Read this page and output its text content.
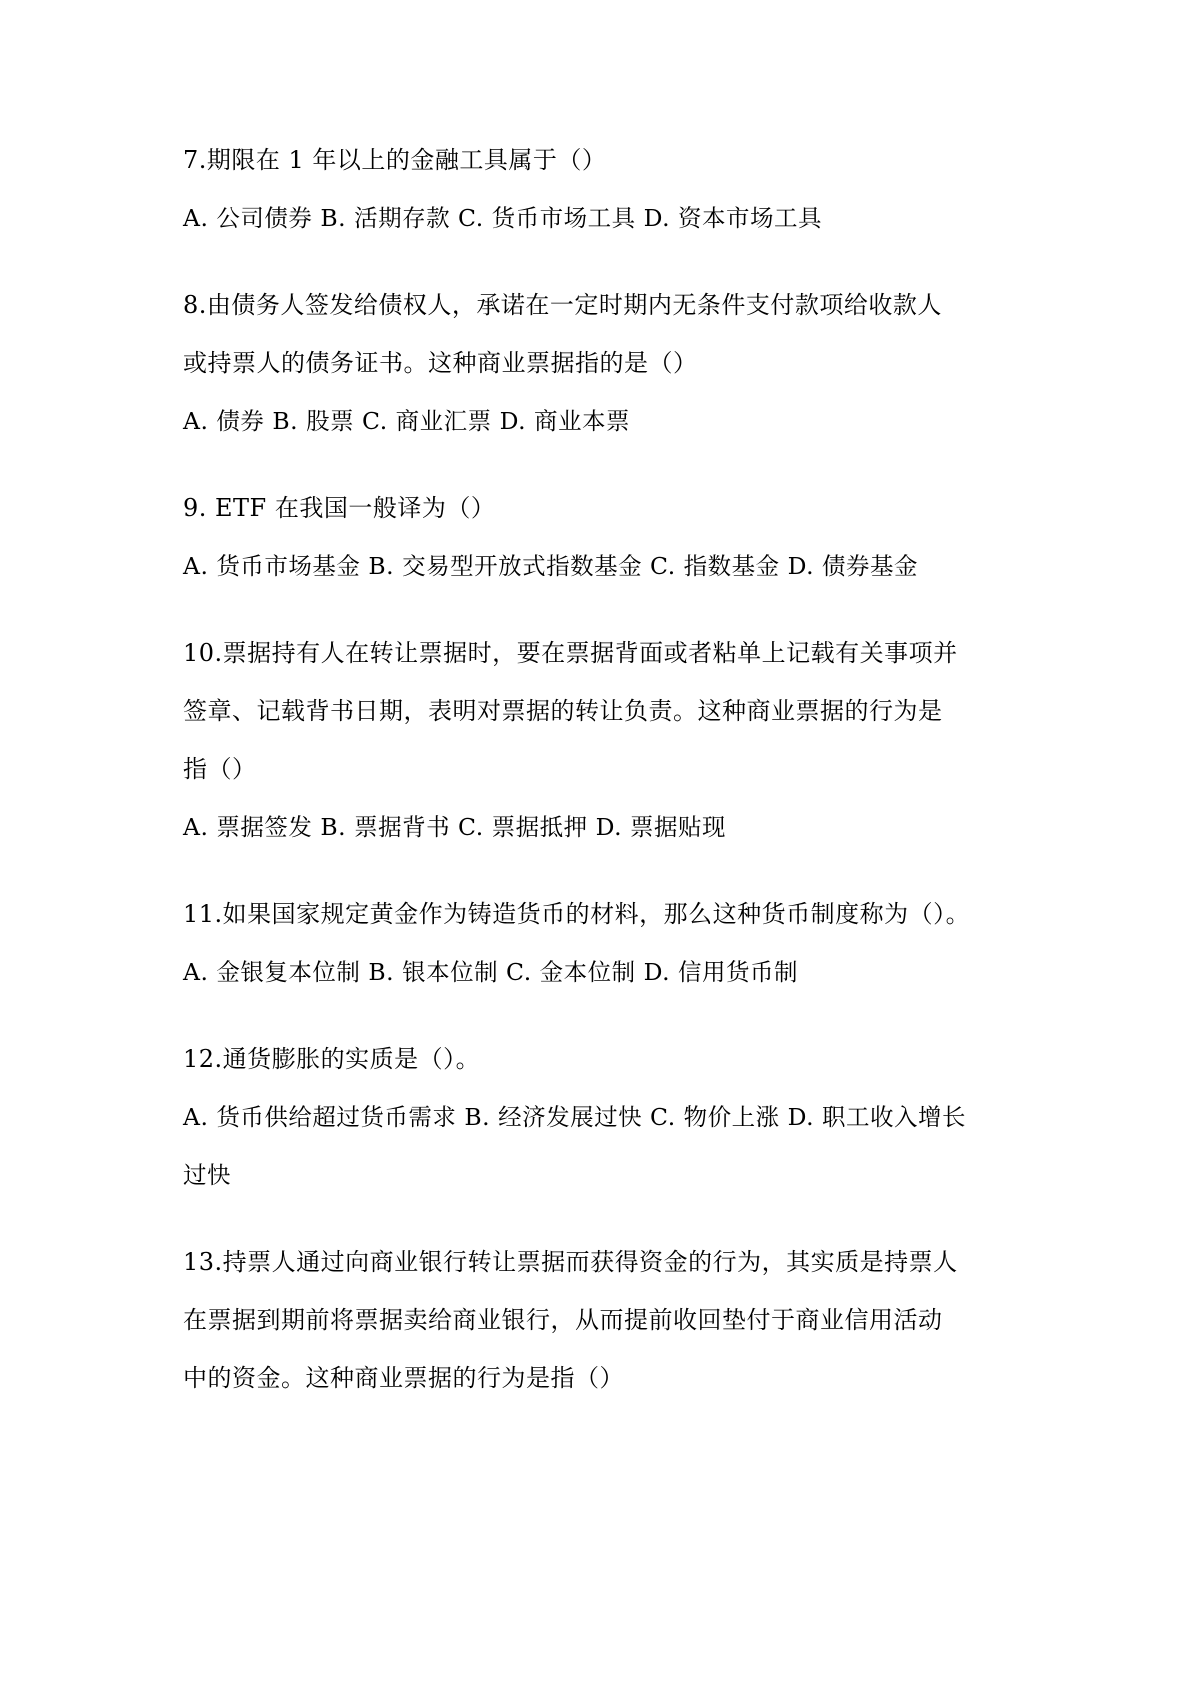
7.期限在 1 年以上的金融工具属于（）
A. 公司债券 B. 活期存款 C. 货币市场工具 D. 资本市场工具
8.由债务人签发给债权人，承诺在一定时期内无条件支付款项给收款人
或持票人的债务证书。这种商业票据指的是（）
A. 债券 B. 股票 C. 商业汇票 D. 商业本票
9. ETF 在我国一般译为（）
A. 货币市场基金 B. 交易型开放式指数基金 C. 指数基金 D. 债券基金
10.票据持有人在转让票据时，要在票据背面或者粘单上记载有关事项并
签章、记载背书日期，表明对票据的转让负责。这种商业票据的行为是
指（）
A. 票据签发 B. 票据背书 C. 票据抵押 D. 票据贴现
11.如果国家规定黄金作为铸造货币的材料，那么这种货币制度称为（）。
A. 金银复本位制 B. 银本位制 C. 金本位制 D. 信用货币制
12.通货膨胀的实质是（）。
A. 货币供给超过货币需求 B. 经济发展过快 C. 物价上涨 D. 职工收入增长
过快
13.持票人通过向商业银行转让票据而获得资金的行为，其实质是持票人
在票据到期前将票据卖给商业银行，从而提前收回垫付于商业信用活动
中的资金。这种商业票据的行为是指（）
